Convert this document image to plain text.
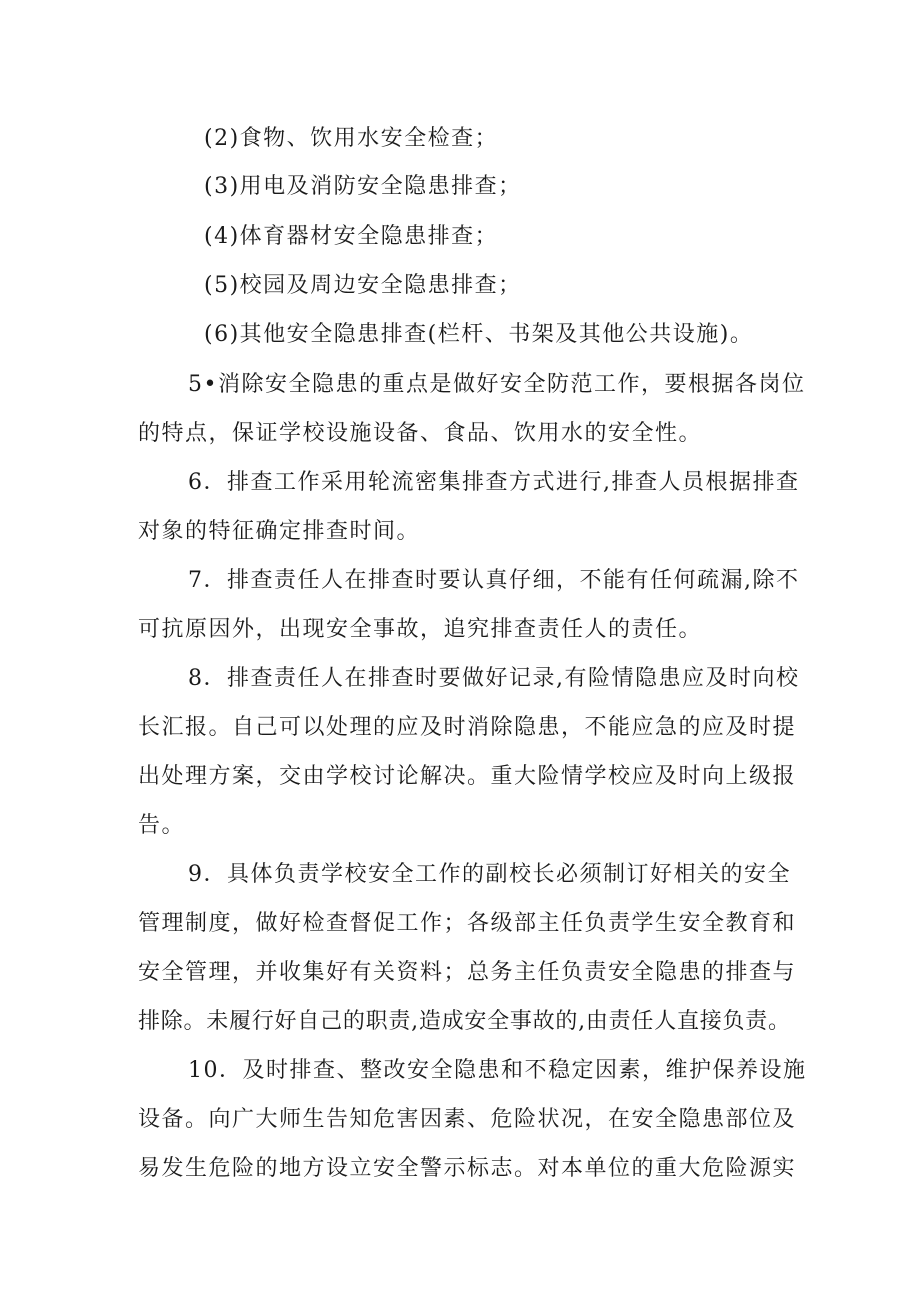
(2)食物、饮用水安全检查；
(3)用电及消防安全隐患排查；
(4)体育器材安全隐患排查；
(5)校园及周边安全隐患排查；
(6)其他安全隐患排查(栏杆、书架及其他公共设施)。
5•消除安全隐患的重点是做好安全防范工作，要根据各岗位
的特点，保证学校设施设备、食品、饮用水的安全性。
6．排查工作采用轮流密集排查方式进行,排查人员根据排查
对象的特征确定排查时间。
7．排查责任人在排查时要认真仔细，不能有任何疏漏,除不
可抗原因外，出现安全事故，追究排查责任人的责任。
8．排查责任人在排查时要做好记录,有险情隐患应及时向校
长汇报。自己可以处理的应及时消除隐患，不能应急的应及时提
出处理方案，交由学校讨论解决。重大险情学校应及时向上级报
告。
9．具体负责学校安全工作的副校长必须制订好相关的安全
管理制度，做好检查督促工作；各级部主任负责学生安全教育和
安全管理，并收集好有关资料；总务主任负责安全隐患的排查与
排除。未履行好自己的职责,造成安全事故的,由责任人直接负责。
10．及时排查、整改安全隐患和不稳定因素，维护保养设施
设备。向广大师生告知危害因素、危险状况，在安全隐患部位及
易发生危险的地方设立安全警示标志。对本单位的重大危险源实
